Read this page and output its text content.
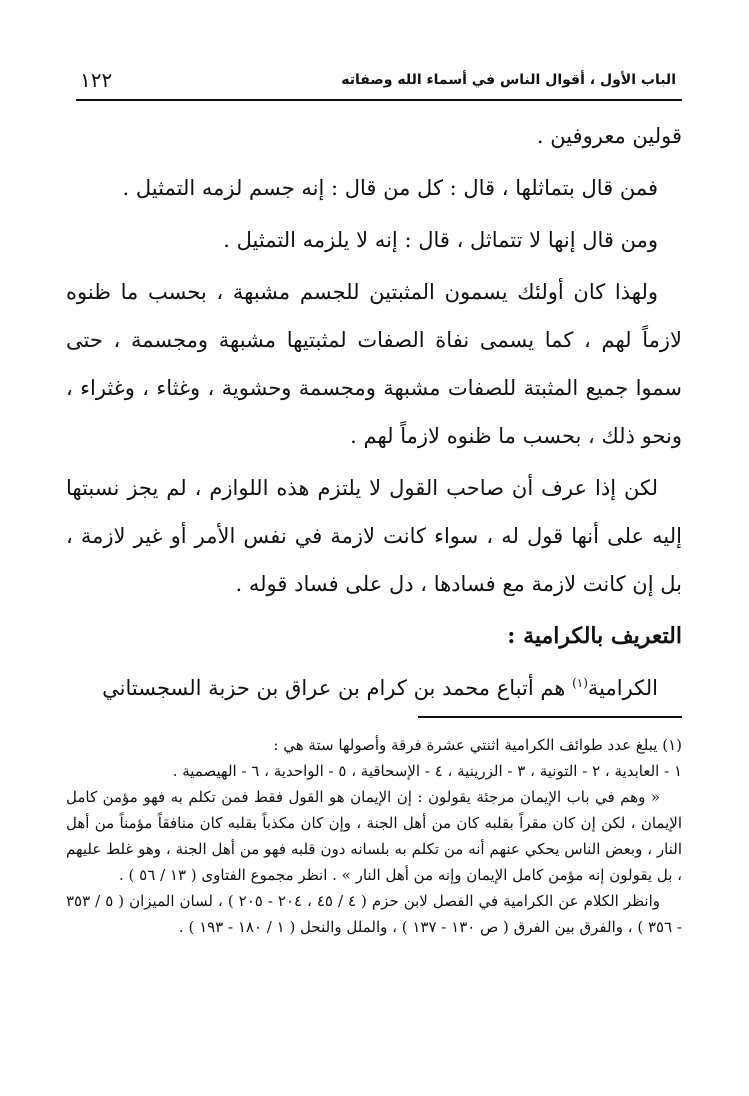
الباب الأول ، أقوال الناس في أسماء الله وصفاته
١٢٢

قولين معروفين .

فمن قال بتماثلها ، قال : كل من قال : إنه جسم لزمه التمثيل .

ومن قال إنها لا تتماثل ، قال : إنه لا يلزمه التمثيل .

ولهذا كان أولئك يسمون المثبتين للجسم مشبهة ، بحسب ما ظنوه لازماً لهم ، كما يسمى نفاة الصفات لمثبتيها مشبهة ومجسمة ، حتى سموا جميع المثبتة للصفات مشبهة ومجسمة وحشوية ، وغثاء ، وغثراء ، ونحو ذلك ، بحسب ما ظنوه لازماً لهم .

لكن إذا عرف أن صاحب القول لا يلتزم هذه اللوازم ، لم يجز نسبتها إليه على أنها قول له ، سواء كانت لازمة في نفس الأمر أو غير لازمة ، بل إن كانت لازمة مع فسادها ، دل على فساد قوله .

التعريف بالكرامية :

الكرامية$^{(١)}$ هم أتباع محمد بن كرام بن عراق بن حزبة السجستاني

(١) يبلغ عدد طوائف الكرامية اثنتي عشرة فرقة وأصولها ستة هي :

١ - العابدية ، ٢ - التونية ، ٣ - الزرينية ، ٤ - الإسحاقية ، ٥ - الواحدية ، ٦ - الهيصمية .

« وهم في باب الإيمان مرجئة يقولون : إن الإيمان هو القول فقط فمن تكلم به فهو مؤمن كامل الإيمان ، لكن إن كان مقراً بقلبه كان من أهل الجنة ، وإن كان مكذباً بقلبه كان منافقاً مؤمناً من أهل النار ، وبعض الناس يحكي عنهم أنه من تكلم به بلسانه دون قلبه فهو من أهل الجنة ، وهو غلط عليهم ، بل يقولون إنه مؤمن كامل الإيمان وإنه من أهل النار » . انظر مجموع الفتاوى ( ١٣ / ٥٦ ) .

وانظر الكلام عن الكرامية في الفصل لابن حزم ( ٤ / ٤٥ ، ٢٠٤ - ٢٠٥ ) ، لسان الميزان ( ٥ / ٣٥٣ - ٣٥٦ ) ، والفرق بين الفرق ( ص ١٣٠ - ١٣٧ ) ، والملل والنحل ( ١ / ١٨٠ - ١٩٣ ) .
